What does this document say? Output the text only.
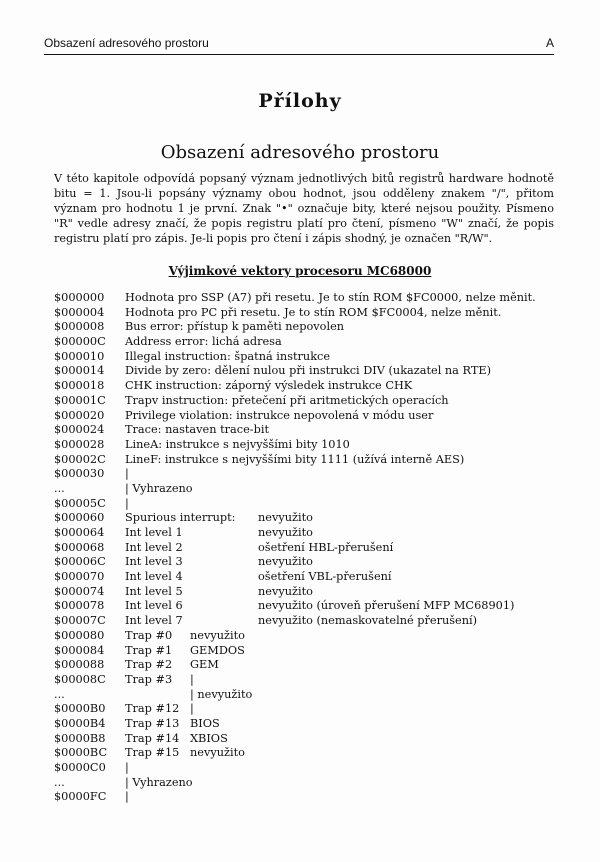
Obsazení adresového prostoru	A
Přílohy
Obsazení adresového prostoru

V této kapitole odpovídá popsaný význam jednotlivých bitů registrů hardware hodnotě bitu = 1. Jsou-li popsány významy obou hodnot, jsou odděleny znakem "/", přitom význam pro hodnotu 1 je první. Znak "•" označuje bity, které nejsou použity. Písmeno "R" vedle adresy značí, že popis registru platí pro čtení, písmeno "W" značí, že popis registru platí pro zápis. Je-li popis pro čtení i zápis shodný, je označen "R/W".

Výjimkové vektory procesoru MC68000
$000000 Hodnota pro SSP (A7) při resetu. Je to stín ROM $FC0000, nelze měnit.
$000004 Hodnota pro PC při resetu. Je to stín ROM $FC0004, nelze měnit.
$000008 Bus error: přístup k paměti nepovolen
$00000C Address error: lichá adresa
$000010 Illegal instruction: špatná instrukce
$000014 Divide by zero: dělení nulou při instrukci DIV (ukazatel na RTE)
$000018 CHK instruction: záporný výsledek instrukce CHK
$00001C Trapv instruction: přetečení při aritmetických operacích
$000020 Privilege violation: instrukce nepovolená v módu user
$000024 Trace: nastaven trace-bit
$000028 LineA: instrukce s nejvyššími bity 1010
$00002C LineF: instrukce s nejvyššími bity 1111 (užívá interně AES)
$000030 |
...	| Vyhrazeno
$00005C |
$000060 Spurious interrupt: nevyužito
$000064 Int level 1	nevyužito
$000068 Int level 2	ošetření HBL-přerušení
$00006C Int level 3	nevyužito
$000070 Int level 4	ošetření VBL-přerušení
$000074 Int level 5	nevyužito
$000078 Int level 6	nevyužito (úroveň přerušení MFP MC68901)
$00007C Int level 7	nevyužito (nemaskovatelné přerušení)
$000080 Trap #0 nevyužito
$000084 Trap #1 GEMDOS
$000088 Trap #2 GEM
$00008C Trap #3 |
...	| nevyužito
$0000B0 Trap #12 |
$0000B4 Trap #13 BIOS
$0000B8 Trap #14 XBIOS
$0000BC Trap #15 nevyužito
$0000C0 |
...	| Vyhrazeno
$0000FC |
